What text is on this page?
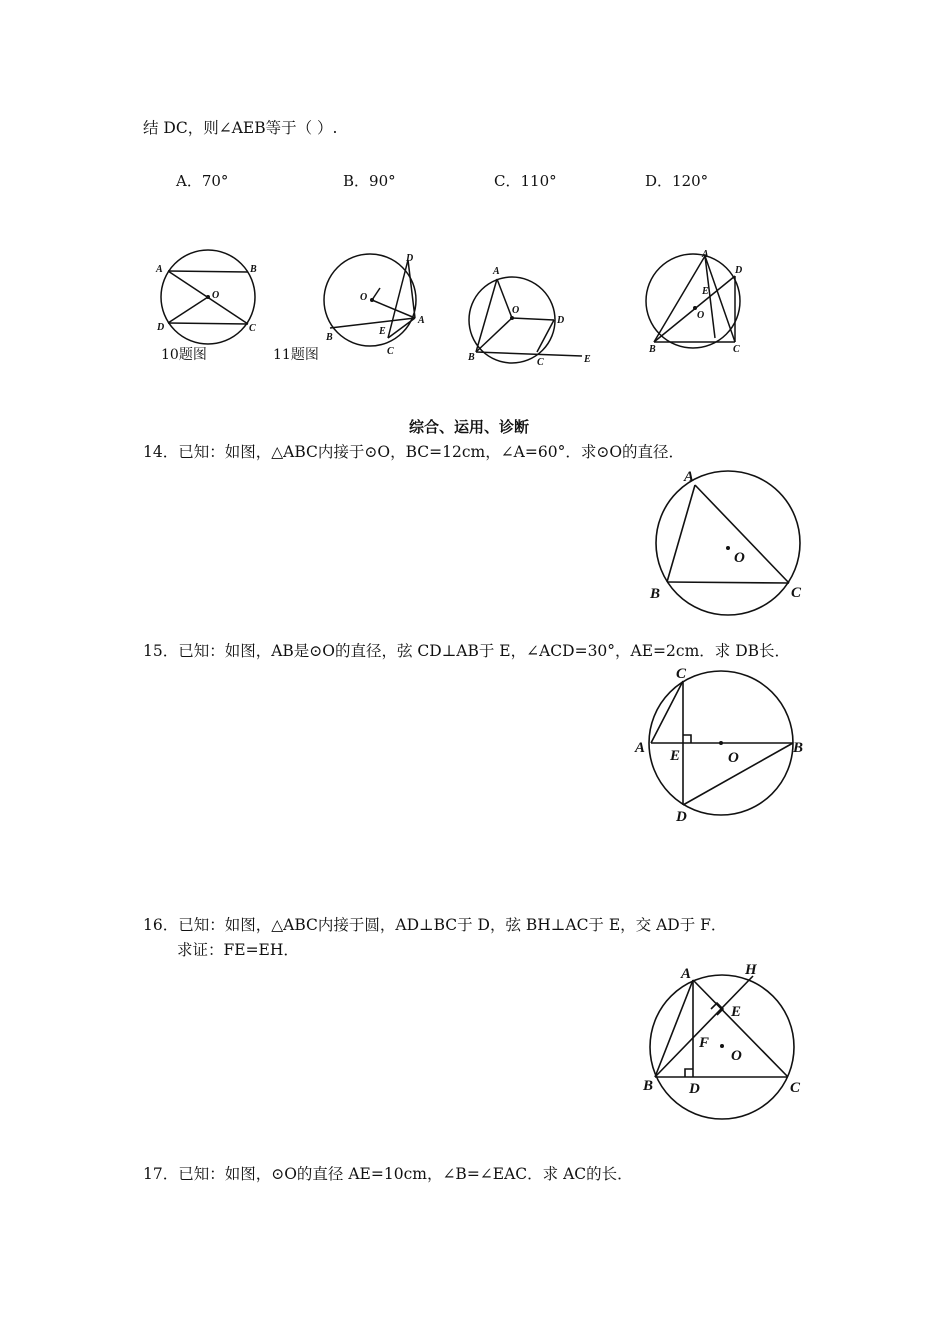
结 DC，则∠AEB等于（ ）.
A．70°	B．90°	C．110°	D．120°
A	B
O
D	C
10题图
D
O
A
B
E
C
11题图
A
O
D
B	C	E
A
D
E
O
B	C
综合、运用、诊断
14．已知：如图，△ABC内接于⊙O，BC=12cm，∠A=60°．求⊙O的直径．
A
O
B	C
15．已知：如图，AB是⊙O的直径，弦 CD⊥AB于 E，∠ACD=30°，AE=2cm．求 DB长．
C
A E	O
B
D
16．已知：如图，△ABC内接于圆，AD⊥BC于 D，弦 BH⊥AC于 E，交 AD于 F．
求证：FE=EH．
A	H
E
F
O
B D	C
17．已知：如图，⊙O的直径 AE=10cm，∠B=∠EAC．求 AC的长．
